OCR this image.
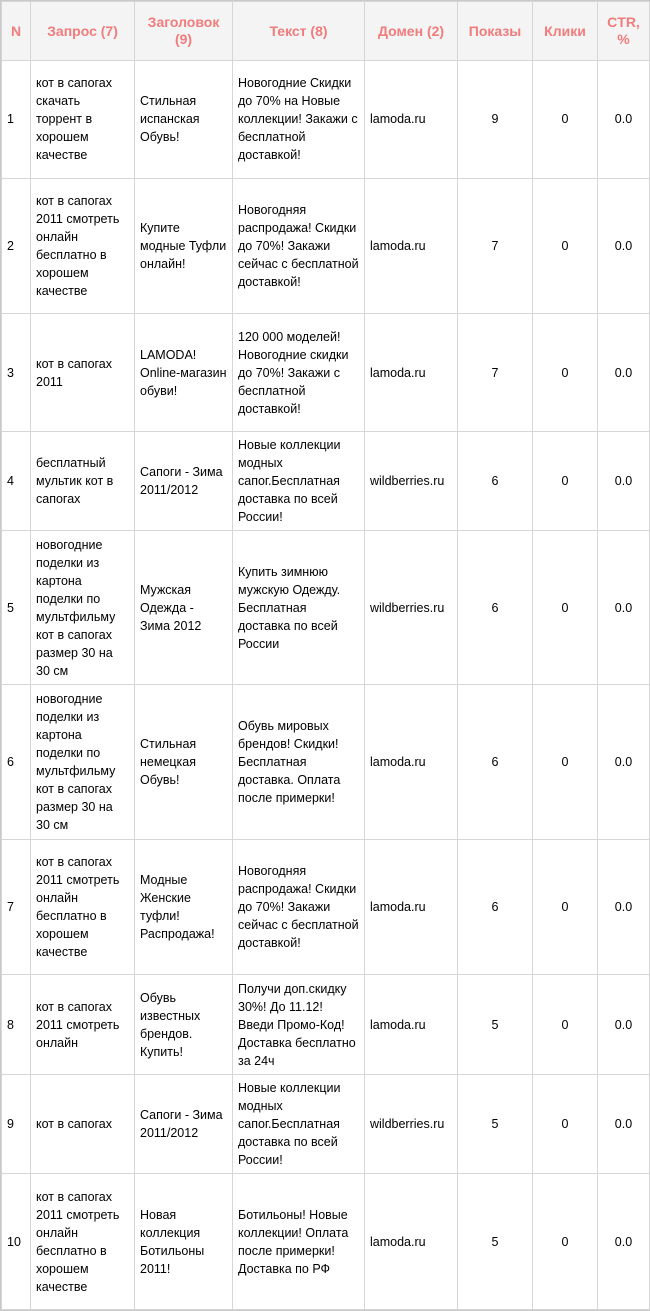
N	Запрос (7)	Заголовок (9)	Текст (8)	Домен (2)	Показы	Клики	CTR, %
1	кот в сапогах скачать торрент в хорошем качестве	Стильная испанская Обувь!	Новогодние Скидки до 70% на Новые коллекции! Закажи с бесплатной доставкой!	lamoda.ru	9	0	0.0
2	кот в сапогах 2011 смотреть онлайн бесплатно в хорошем качестве	Купите модные Туфли онлайн!	Новогодняя распродажа! Скидки до 70%! Закажи сейчас с бесплатной доставкой!	lamoda.ru	7	0	0.0
3	кот в сапогах 2011	LAMODA! Online-магазин обуви!	120 000 моделей! Новогодние скидки до 70%! Закажи с бесплатной доставкой!	lamoda.ru	7	0	0.0
4	бесплатный мультик кот в сапогах	Сапоги - Зима 2011/2012	Новые коллекции модных сапог.Бесплатная доставка по всей России!	wildberries.ru	6	0	0.0
5	новогодние поделки из картона поделки по мультфильму кот в сапогах размер 30 на 30 см	Мужская Одежда - Зима 2012	Купить зимнюю мужскую Одежду. Бесплатная доставка по всей России	wildberries.ru	6	0	0.0
6	новогодние поделки из картона поделки по мультфильму кот в сапогах размер 30 на 30 см	Стильная немецкая Обувь!	Обувь мировых брендов! Скидки! Бесплатная доставка. Оплата после примерки!	lamoda.ru	6	0	0.0
7	кот в сапогах 2011 смотреть онлайн бесплатно в хорошем качестве	Модные Женские туфли! Распродажа!	Новогодняя распродажа! Скидки до 70%! Закажи сейчас с бесплатной доставкой!	lamoda.ru	6	0	0.0
8	кот в сапогах 2011 смотреть онлайн	Обувь известных брендов. Купить!	Получи доп.скидку 30%! До 11.12! Введи Промо-Код! Доставка бесплатно за 24ч	lamoda.ru	5	0	0.0
9	кот в сапогах	Сапоги - Зима 2011/2012	Новые коллекции модных сапог.Бесплатная доставка по всей России!	wildberries.ru	5	0	0.0
10	кот в сапогах 2011 смотреть онлайн бесплатно в хорошем качестве	Новая коллекция Ботильоны 2011!	Ботильоны! Новые коллекции! Оплата после примерки! Доставка по РФ	lamoda.ru	5	0	0.0
